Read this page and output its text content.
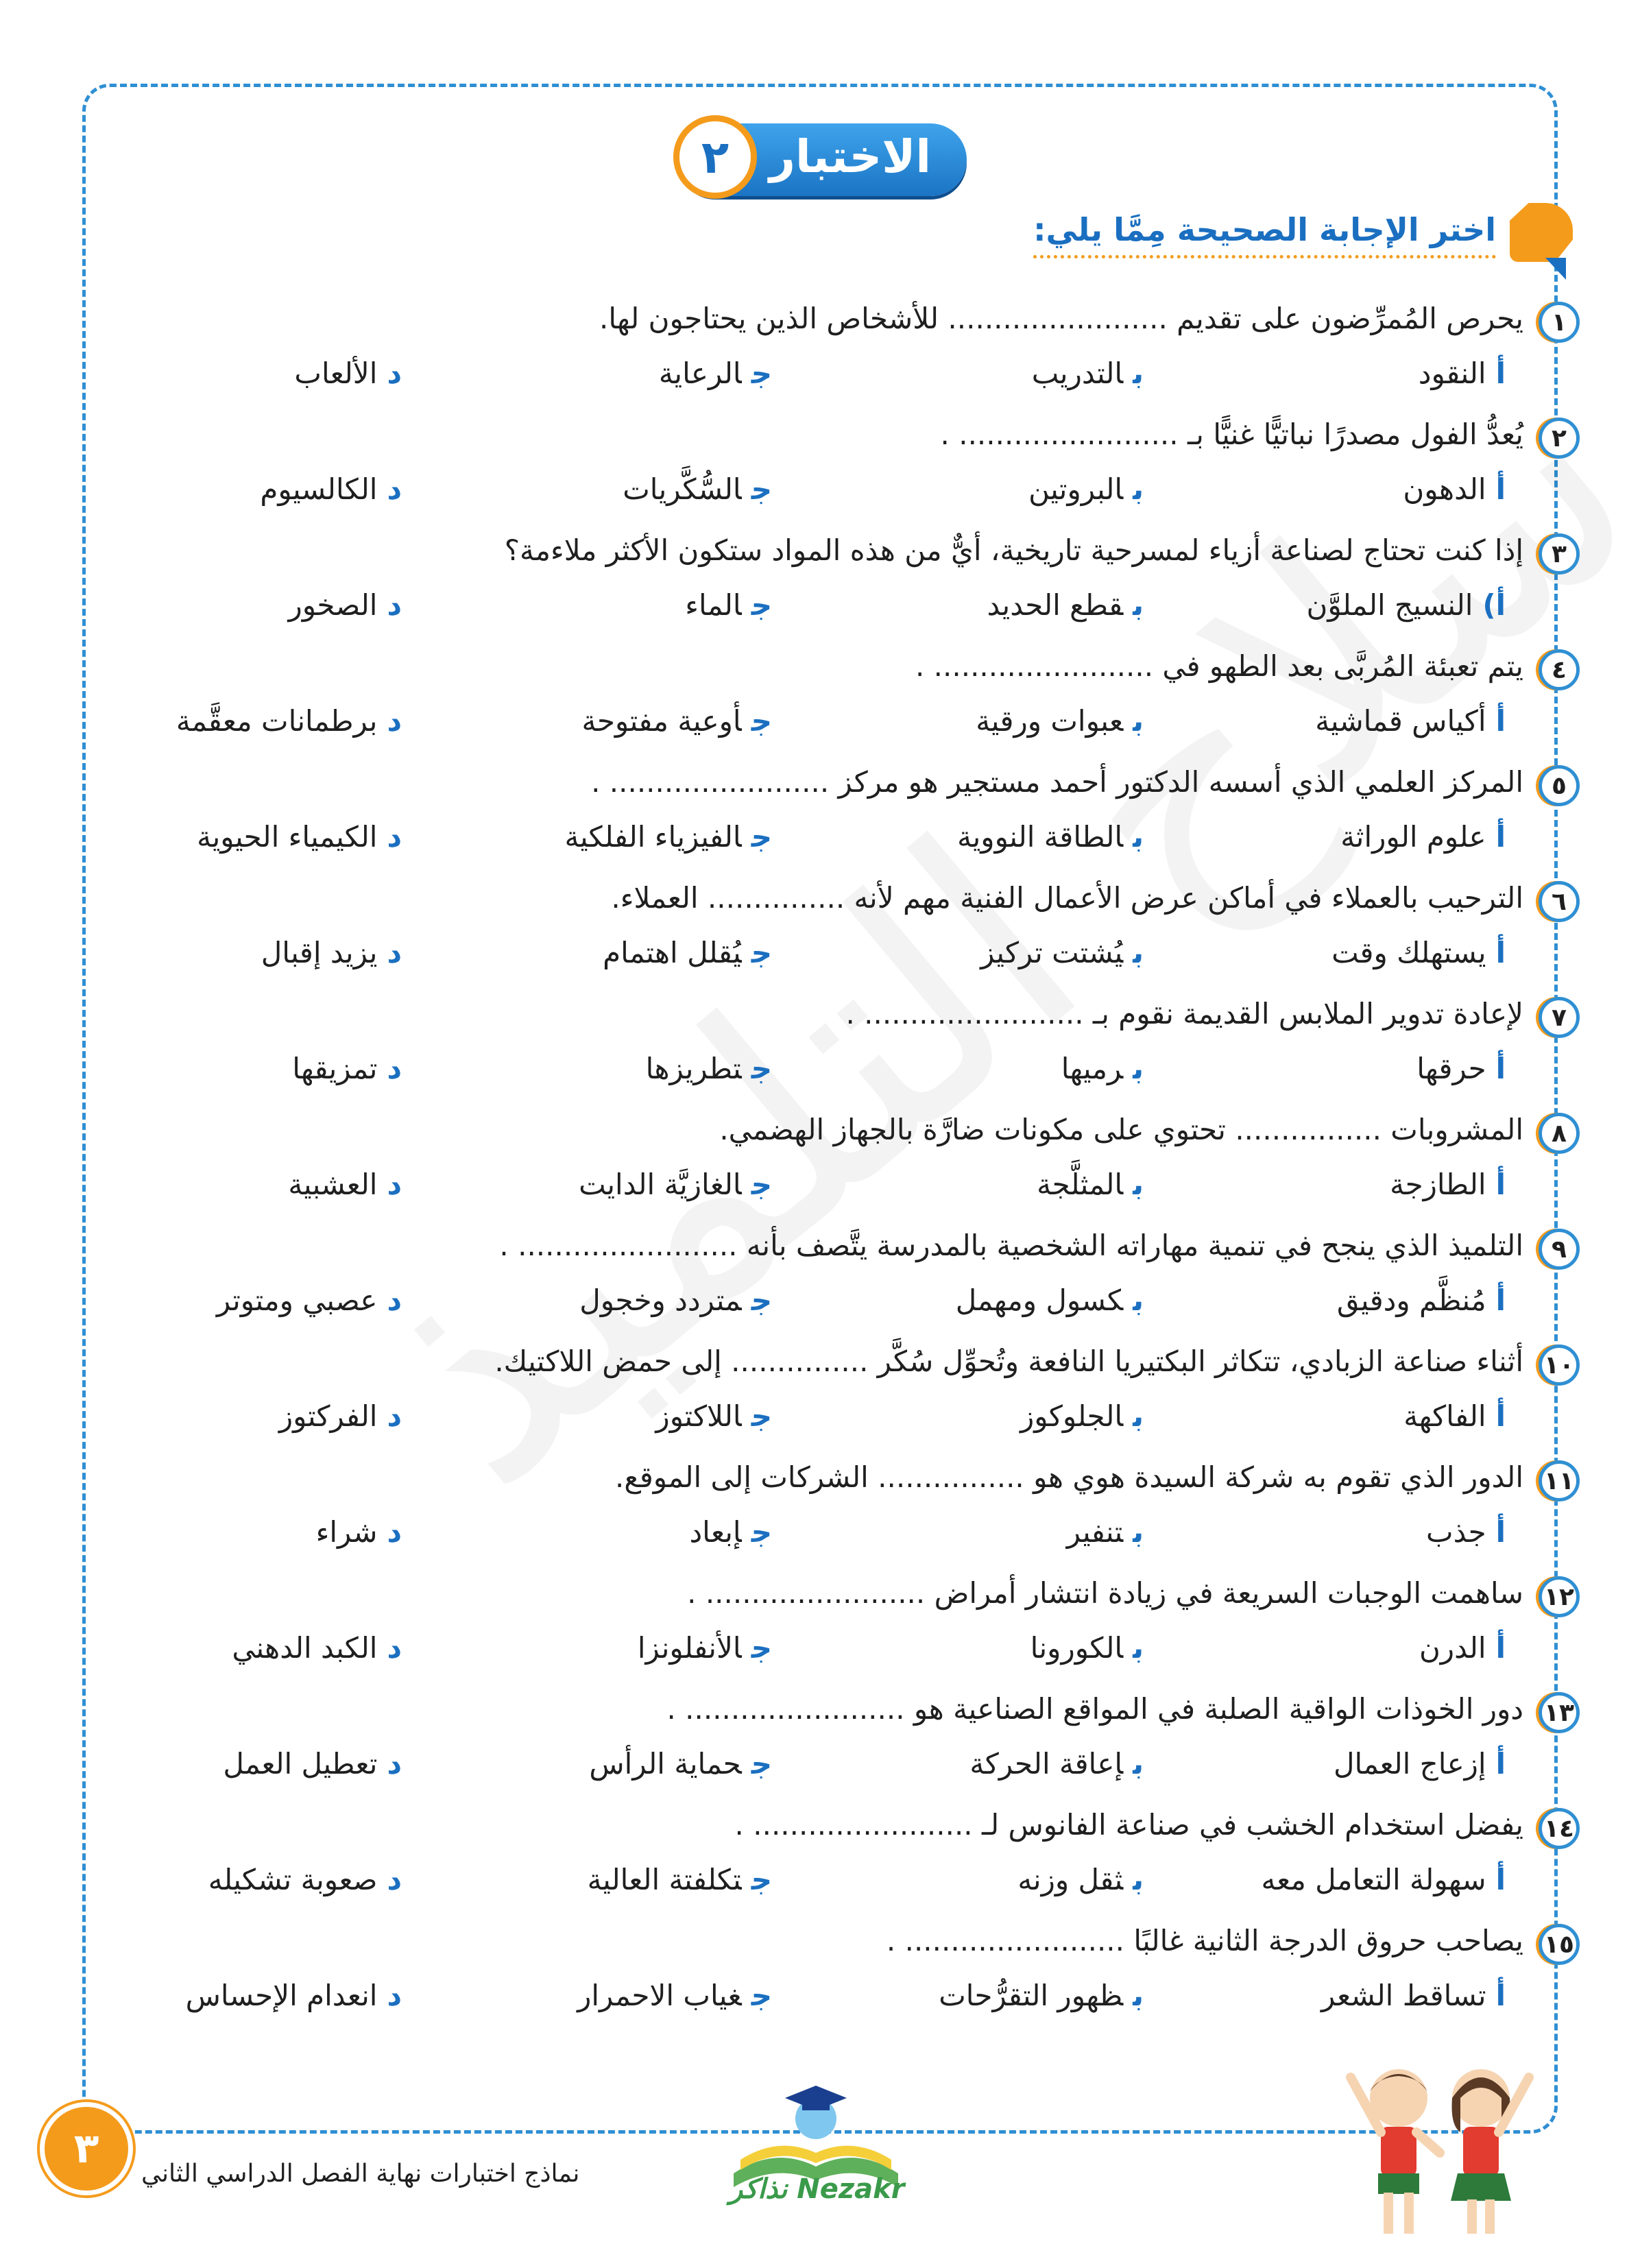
الاختبار
٢
اختر الإجابة الصحيحة مِمَّا يلي:
١
يحرص المُمرِّضون على تقديم ........................ للأشخاص الذين يحتاجون لها.
أالنقود
بالتدريب
جالرعاية
دالألعاب
٢
يُعدُّ الفول مصدرًا نباتيًّا غنيًّا بـ ........................ .
أالدهون
بالبروتين
جالسُّكَّريات
دالكالسيوم
٣
إذا كنت تحتاج لصناعة أزياء لمسرحية تاريخية، أيٌّ من هذه المواد ستكون الأكثر ملاءمة؟
أ)النسيج الملوَّن
بقطع الحديد
جالماء
دالصخور
٤
يتم تعبئة المُربَّى بعد الطهو في ........................ .
أأكياس قماشية
بعبوات ورقية
جأوعية مفتوحة
دبرطمانات معقَّمة
٥
المركز العلمي الذي أسسه الدكتور أحمد مستجير هو مركز ........................ .
أعلوم الوراثة
بالطاقة النووية
جالفيزياء الفلكية
دالكيمياء الحيوية
٦
الترحيب بالعملاء في أماكن عرض الأعمال الفنية مهم لأنه ............... العملاء.
أيستهلك وقت
بيُشتت تركيز
جيُقلل اهتمام
ديزيد إقبال
٧
لإعادة تدوير الملابس القديمة نقوم بـ ........................ .
أحرقها
برميها
جتطريزها
دتمزيقها
٨
المشروبات ................ تحتوي على مكونات ضارَّة بالجهاز الهضمي.
أالطازجة
بالمثلَّجة
جالغازيَّة الدايت
دالعشبية
٩
التلميذ الذي ينجح في تنمية مهاراته الشخصية بالمدرسة يتَّصف بأنه ........................ .
أمُنظَّم ودقيق
بكسول ومهمل
جمتردد وخجول
دعصبي ومتوتر
١٠
أثناء صناعة الزبادي، تتكاثر البكتيريا النافعة وتُحوِّل سُكَّر ............... إلى حمض اللاكتيك.
أالفاكهة
بالجلوكوز
جاللاكتوز
دالفركتوز
١١
الدور الذي تقوم به شركة السيدة هوي هو ................ الشركات إلى الموقع.
أجذب
بتنفير
جإبعاد
دشراء
١٢
ساهمت الوجبات السريعة في زيادة انتشار أمراض ........................ .
أالدرن
بالكورونا
جالأنفلونزا
دالكبد الدهني
١٣
دور الخوذات الواقية الصلبة في المواقع الصناعية هو ........................ .
أإزعاج العمال
بإعاقة الحركة
جحماية الرأس
دتعطيل العمل
١٤
يفضل استخدام الخشب في صناعة الفانوس لـ ........................ .
أسهولة التعامل معه
بثقل وزنه
جتكلفتة العالية
دصعوبة تشكيله
١٥
يصاحب حروق الدرجة الثانية غالبًا ........................ .
أتساقط الشعر
بظهور التقرُّحات
جغياب الاحمرار
دانعدام الإحساس
٣
نماذج اختبارات نهاية الفصل الدراسي الثاني	Nezakr نذاكر
